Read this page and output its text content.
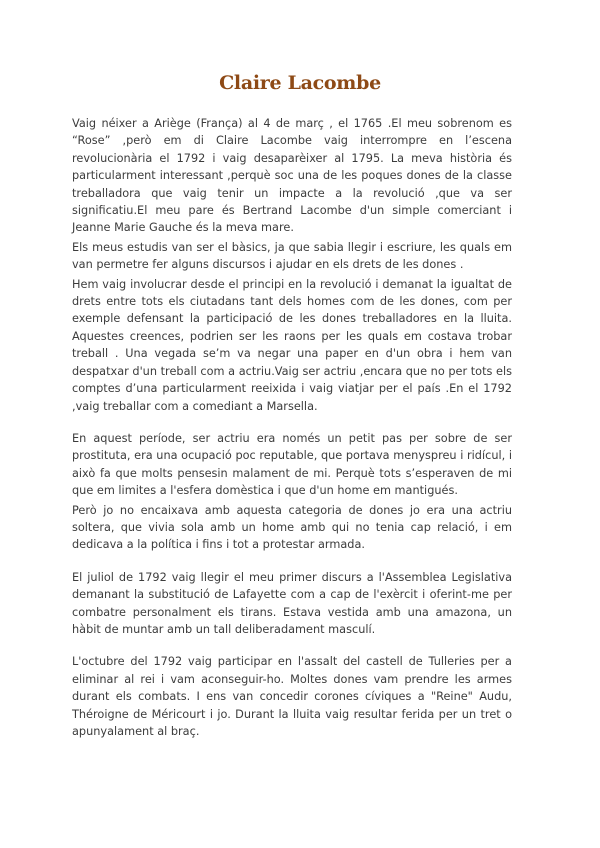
Claire Lacombe

Vaig néixer a Ariège (França) al 4 de març , el 1765 .El meu sobrenom es “Rose” ,però em di Claire Lacombe vaig interrompre en l’escena revolucionària el 1792 i vaig desaparèixer al 1795. La meva història és particularment interessant ,perquè soc una de les poques dones de la classe treballadora que vaig tenir un impacte a la revolució ,que va ser significatiu.El meu pare és Bertrand Lacombe d'un simple comerciant i Jeanne Marie Gauche és la meva mare.

Els meus estudis van ser el bàsics, ja que sabia llegir i escriure, les quals em van permetre fer alguns discursos i ajudar en els drets de les dones .

Hem vaig involucrar desde el principi en la revolució i demanat la igualtat de drets entre tots els ciutadans tant dels homes com de les dones, com per exemple defensant la participació de les dones treballadores en la lluita. Aquestes creences, podrien ser les raons per les quals em costava trobar treball . Una vegada se’m va negar una paper en d'un obra i hem van despatxar d'un treball com a actriu.Vaig ser actriu ,encara que no per tots els comptes d’una particularment reeixida i vaig viatjar per el país .En el 1792 ,vaig treballar com a comediant a Marsella.

En aquest període, ser actriu era només un petit pas per sobre de ser prostituta, era una ocupació poc reputable, que portava menyspreu i ridícul, i això fa que molts pensesin malament de mi. Perquè tots s’esperaven de mi que em limites a l'esfera domèstica i que d'un home em mantigués.

Però jo no encaixava amb aquesta categoria de dones jo era una actriu soltera, que vivia sola amb un home amb qui no tenia cap relació, i em dedicava a la política i fins i tot a protestar armada.

El juliol de 1792 vaig llegir el meu primer discurs a l'Assemblea Legislativa demanant la substitució de Lafayette com a cap de l'exèrcit i oferint-me per combatre personalment els tirans. Estava vestida amb una amazona, un hàbit de muntar amb un tall deliberadament masculí.

L'octubre del 1792 vaig participar en l'assalt del castell de Tulleries per a eliminar al rei i vam aconseguir-ho. Moltes dones vam prendre les armes durant els combats. I ens van concedir corones cíviques a "Reine" Audu, Théroigne de Méricourt i jo. Durant la lluita vaig resultar ferida per un tret o apunyalament al braç.
